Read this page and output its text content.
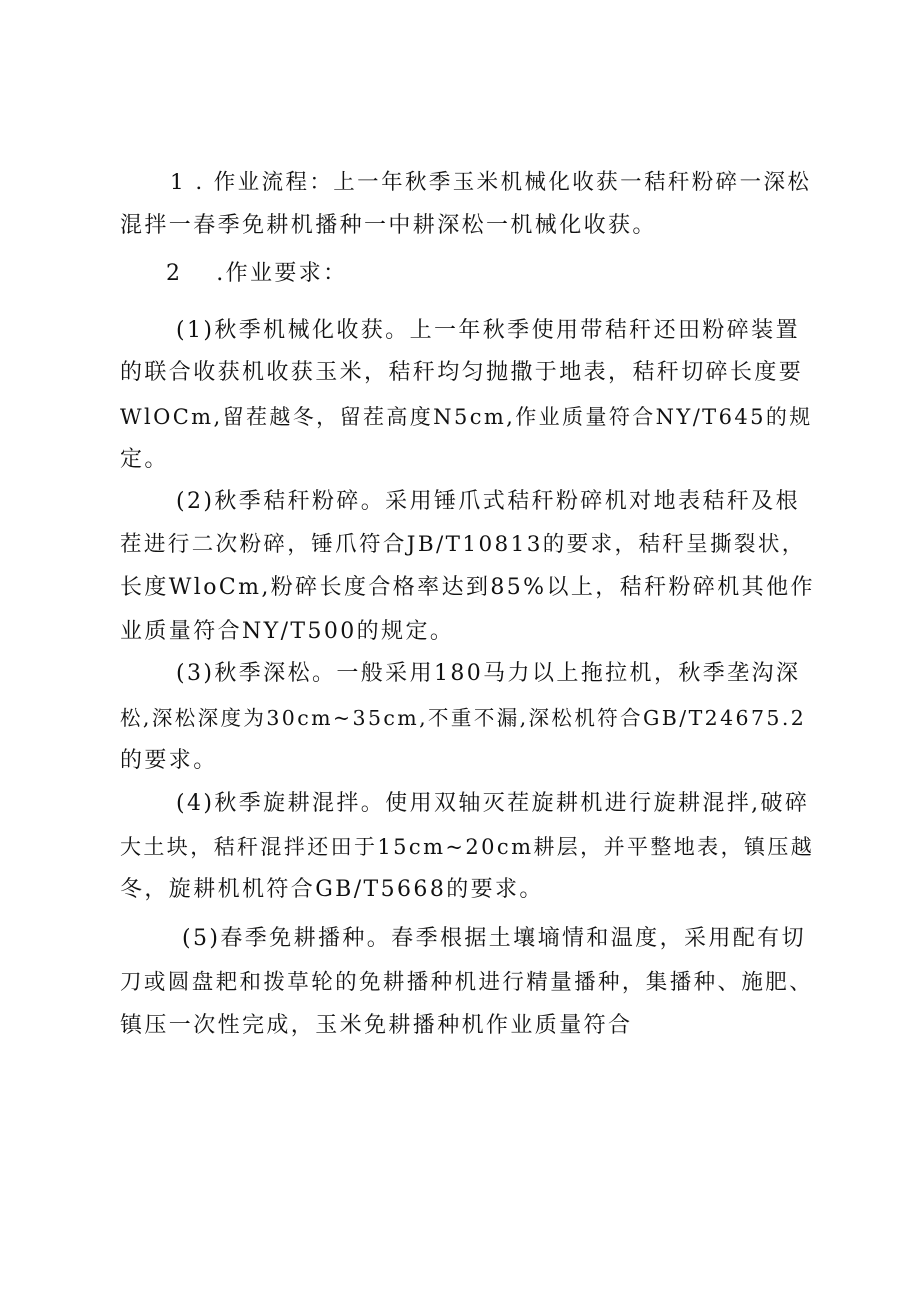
1 . 作业流程：上一年秋季玉米机械化收获一秸秆粉碎一深松
混拌一春季免耕机播种一中耕深松一机械化收获。
2　 .作业要求：
(1)秋季机械化收获。上一年秋季使用带秸秆还田粉碎装置
的联合收获机收获玉米，秸秆均匀抛撒于地表，秸秆切碎长度要
WlOCm,留茬越冬，留茬高度N5cm,作业质量符合NY/T645的规
定。
(2)秋季秸秆粉碎。采用锤爪式秸秆粉碎机对地表秸秆及根
茬进行二次粉碎，锤爪符合JB/T10813的要求，秸秆呈撕裂状，
长度WloCm,粉碎长度合格率达到85%以上，秸秆粉碎机其他作
业质量符合NY/T500的规定。
(3)秋季深松。一般采用180马力以上拖拉机，秋季垄沟深
松,深松深度为30cm~35cm,不重不漏,深松机符合GB/T24675.2
的要求。
(4)秋季旋耕混拌。使用双轴灭茬旋耕机进行旋耕混拌,破碎
大土块，秸秆混拌还田于15cm~20cm耕层，并平整地表，镇压越
冬，旋耕机机符合GB/T5668的要求。
(5)春季免耕播种。春季根据土壤墒情和温度，采用配有切
刀或圆盘耙和拨草轮的免耕播种机进行精量播种，集播种、施肥、
镇压一次性完成，玉米免耕播种机作业质量符合
